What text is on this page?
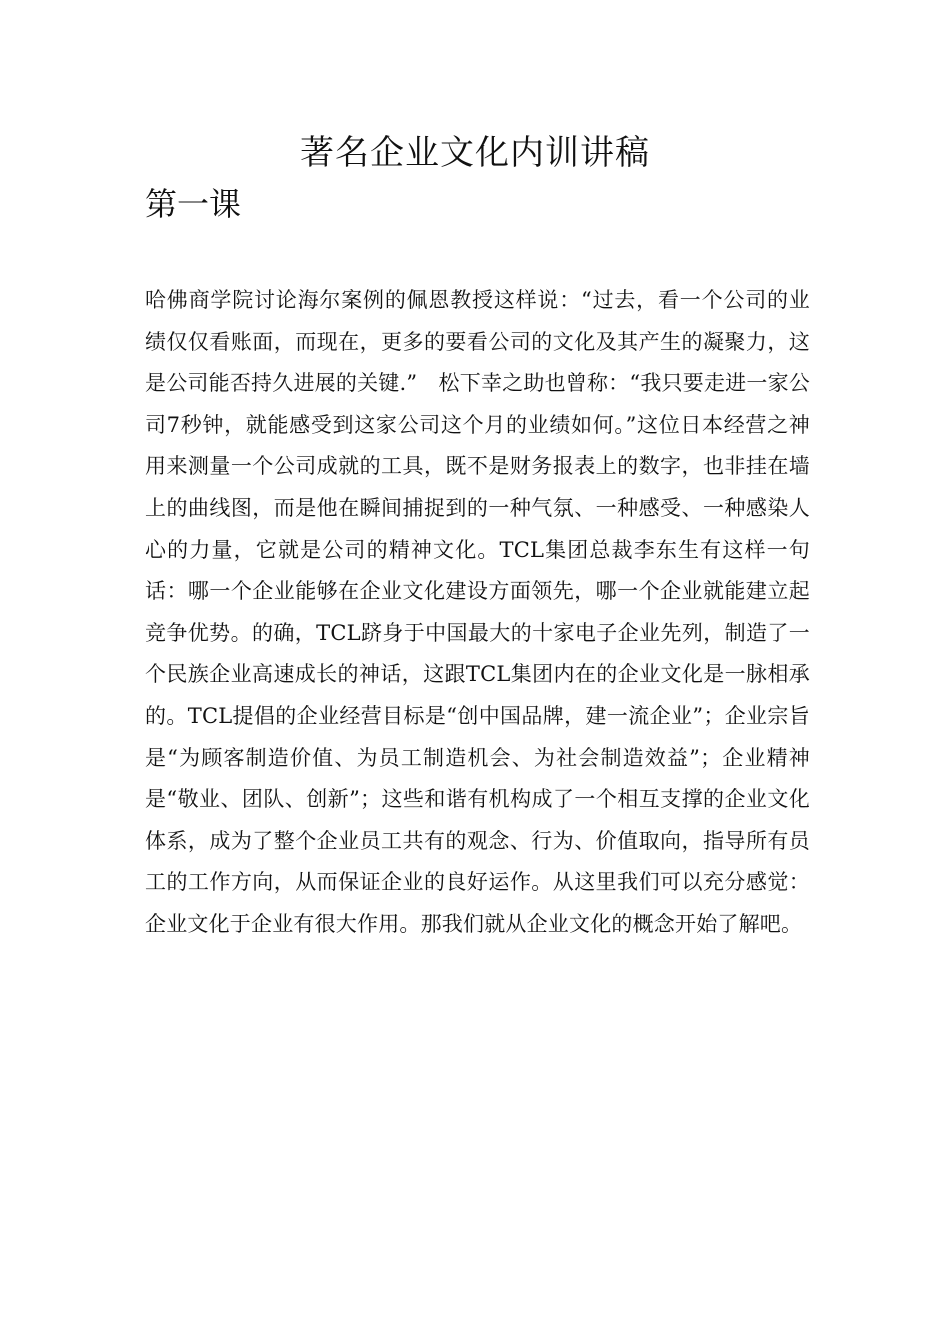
著名企业文化内训讲稿
第一课

哈佛商学院讨论海尔案例的佩恩教授这样说：“过去，看一个公司的业绩仅仅看账面，而现在，更多的要看公司的文化及其产生的凝聚力，这是公司能否持久进展的关键.”　松下幸之助也曾称：“我只要走进一家公司7秒钟，就能感受到这家公司这个月的业绩如何。”这位日本经营之神用来测量一个公司成就的工具，既不是财务报表上的数字，也非挂在墙上的曲线图，而是他在瞬间捕捉到的一种气氛、一种感受、一种感染人心的力量，它就是公司的精神文化。TCL集团总裁李东生有这样一句话：哪一个企业能够在企业文化建设方面领先，哪一个企业就能建立起竞争优势。的确，TCL跻身于中国最大的十家电子企业先列，制造了一个民族企业高速成长的神话，这跟TCL集团内在的企业文化是一脉相承的。TCL提倡的企业经营目标是“创中国品牌，建一流企业”；企业宗旨是“为顾客制造价值、为员工制造机会、为社会制造效益”；企业精神是“敬业、团队、创新”；这些和谐有机构成了一个相互支撑的企业文化体系，成为了整个企业员工共有的观念、行为、价值取向，指导所有员工的工作方向，从而保证企业的良好运作。从这里我们可以充分感觉：企业文化于企业有很大作用。那我们就从企业文化的概念开始了解吧。
